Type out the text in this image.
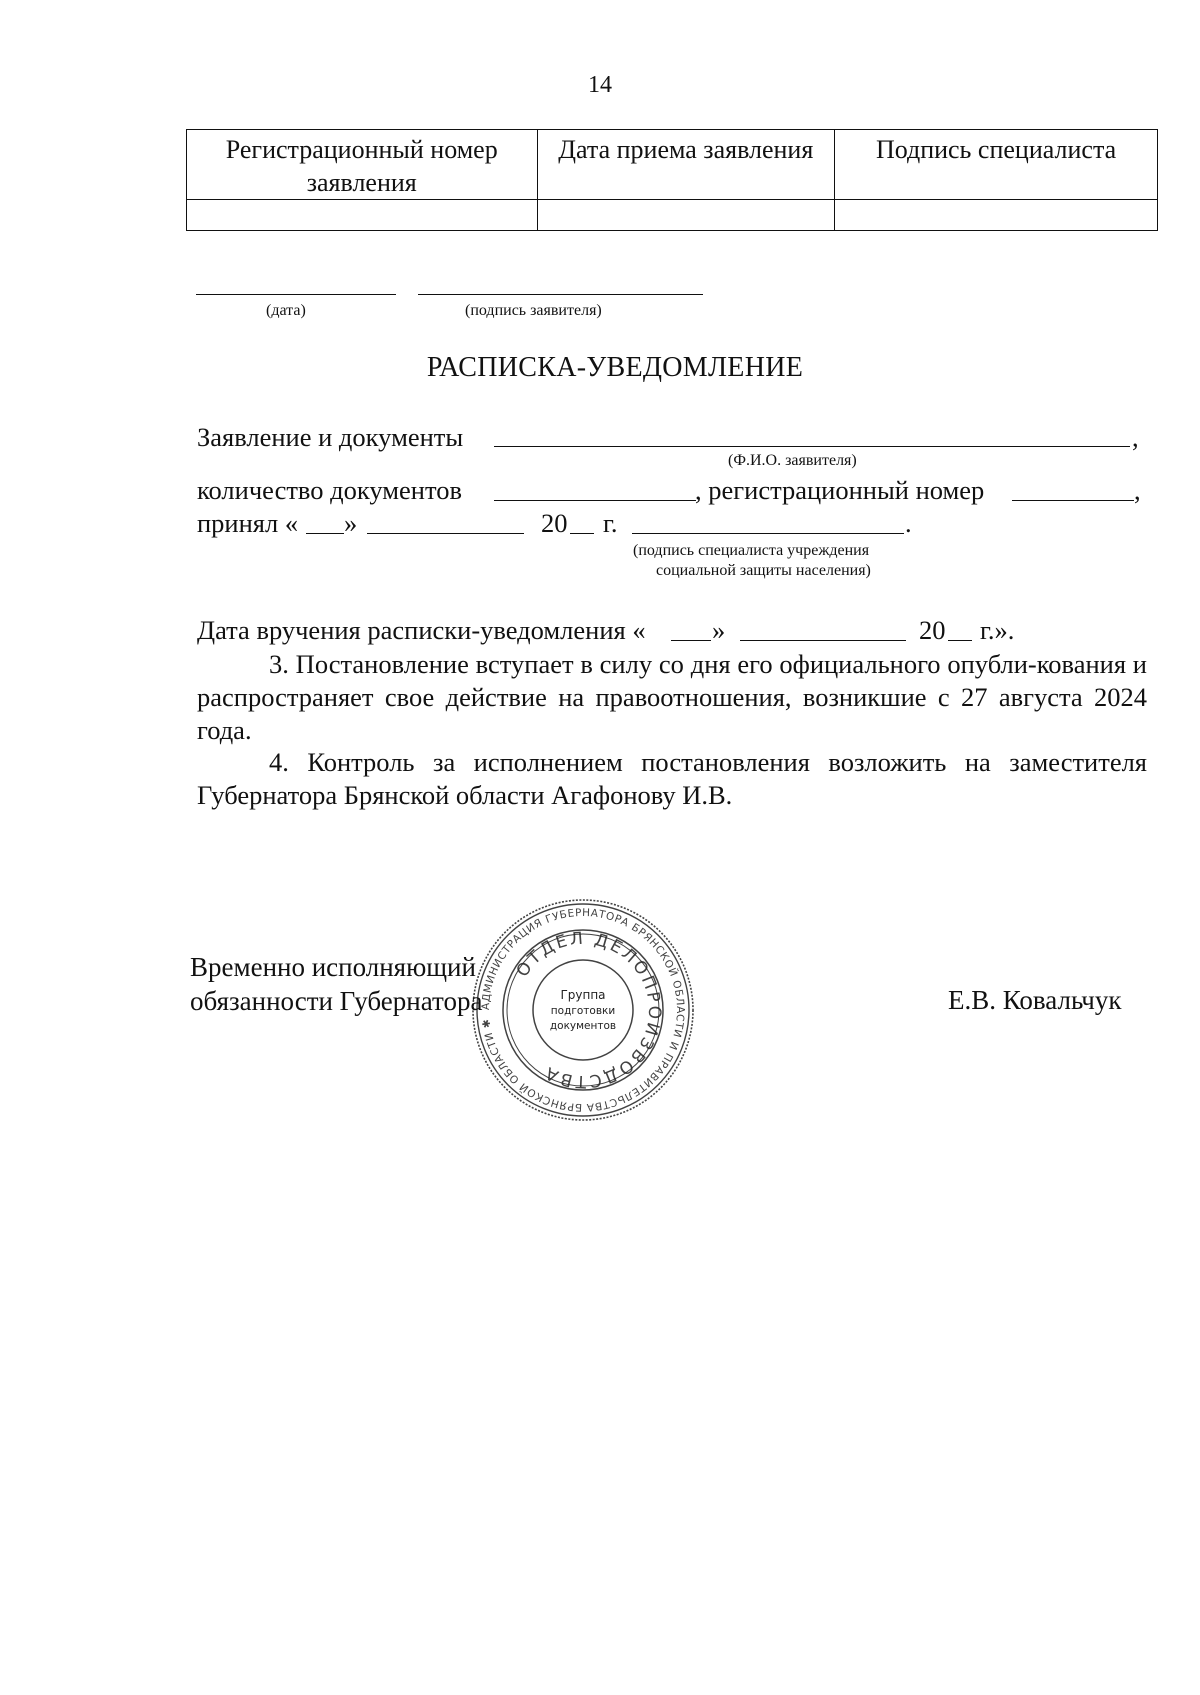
14
Регистрационный номер заявления	Дата приема заявления	Подпись специалиста

(дата)	(подпись заявителя)
РАСПИСКА-УВЕДОМЛЕНИЕ
Заявление и документы	,
(Ф.И.О. заявителя)
количество документов	, регистрационный номер	,
принял « »	20 г.	.
(подпись специалиста учреждения
социальной защиты населения)
Дата вручения расписки-уведомления «	»	20 г.».
3. Постановление вступает в силу со дня его официального опубли-кования и распространяет свое действие на правоотношения, возникшие с 27 августа 2024 года.
4. Контроль за исполнением постановления возложить на заместителя Губернатора Брянской области Агафонову И.В.
АДМИНИСТРАЦИЯ ГУБЕРНАТОРА БРЯНСКОЙ ОБЛАСТИ И ПРАВИТЕЛЬСТВА БРЯНСКОЙ ОБЛАСТИ ✱
ОТДЕЛ ДЕЛОПРОИЗВОДСТВА
Группа
подготовки
документов
Временно исполняющий
обязанности Губернатора	Е.В. Ковальчук
